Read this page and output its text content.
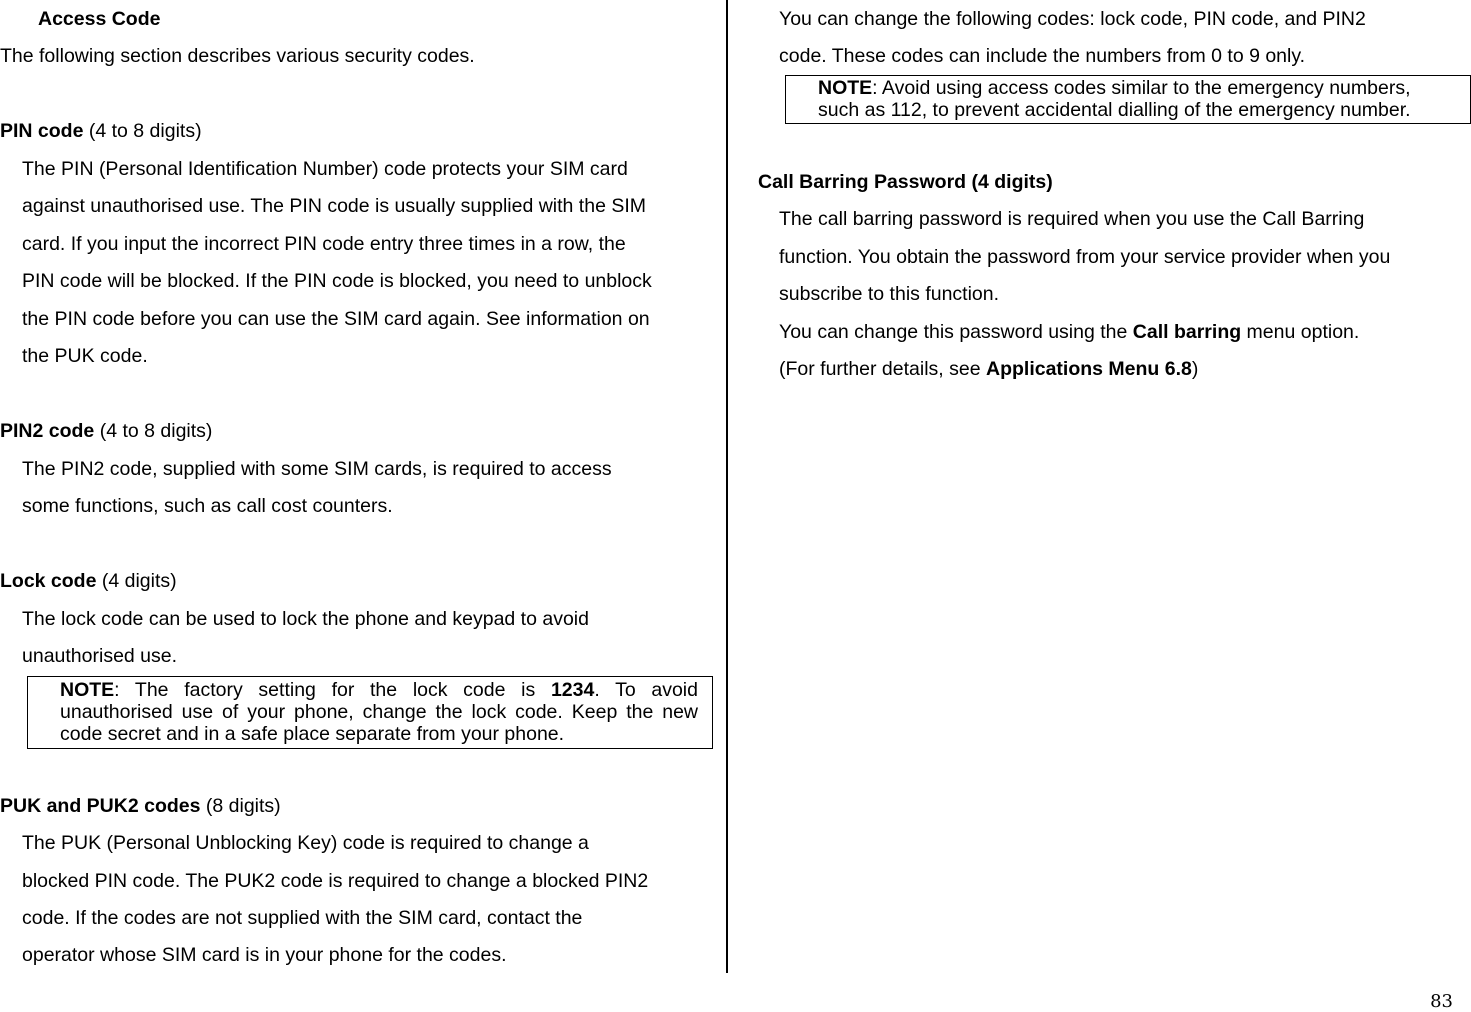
Access Code
The following section describes various security codes.
PIN code (4 to 8 digits)
The PIN (Personal Identification Number) code protects your SIM card
against unauthorised use. The PIN code is usually supplied with the SIM
card. If you input the incorrect PIN code entry three times in a row, the
PIN code will be blocked. If the PIN code is blocked, you need to unblock
the PIN code before you can use the SIM card again. See information on
the PUK code.
PIN2 code (4 to 8 digits)
The PIN2 code, supplied with some SIM cards, is required to access
some functions, such as call cost counters.
Lock code (4 digits)
The lock code can be used to lock the phone and keypad to avoid
unauthorised use.
NOTE: The factory setting for the lock code is 1234. To avoid unauthorised use of your phone, change the lock code. Keep the new code secret and in a safe place separate from your phone.
PUK and PUK2 codes (8 digits)
The PUK (Personal Unblocking Key) code is required to change a
blocked PIN code. The PUK2 code is required to change a blocked PIN2
code. If the codes are not supplied with the SIM card, contact the
operator whose SIM card is in your phone for the codes.
You can change the following codes: lock code, PIN code, and PIN2
code. These codes can include the numbers from 0 to 9 only.
NOTE: Avoid using access codes similar to the emergency numbers,
such as 112, to prevent accidental dialling of the emergency number.
Call Barring Password (4 digits)
The call barring password is required when you use the Call Barring
function. You obtain the password from your service provider when you
subscribe to this function.
You can change this password using the Call barring menu option.
(For further details, see Applications Menu 6.8)
83
